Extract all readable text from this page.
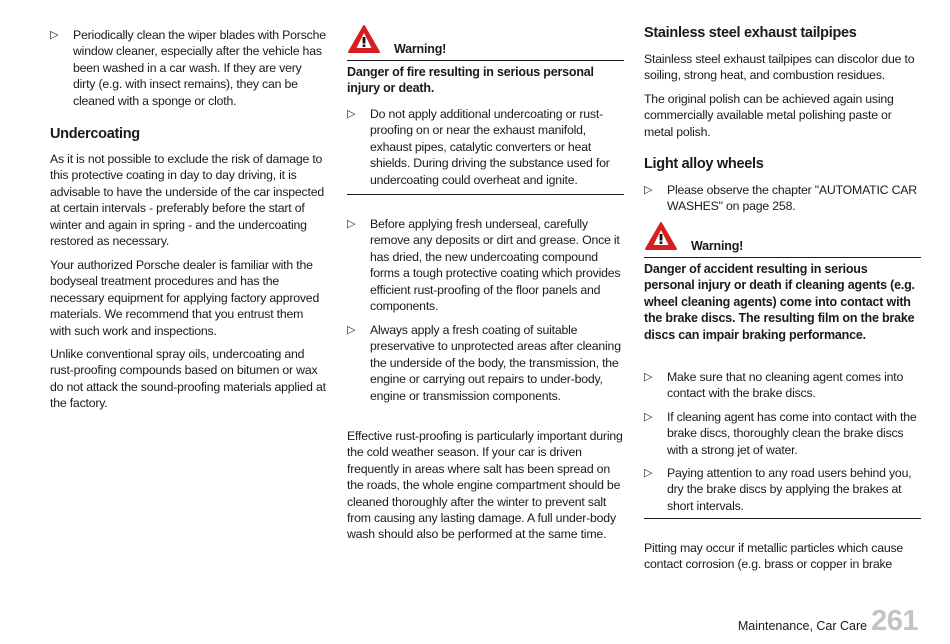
▷ Periodically clean the wiper blades with Porsche window cleaner, especially after the vehicle has been washed in a car wash. If they are very dirty (e.g. with insect remains), they can be cleaned with a sponge or cloth.

Undercoating

As it is not possible to exclude the risk of damage to this protective coating in day to day driving, it is advisable to have the underside of the car inspected at certain intervals - preferably before the start of winter and again in spring - and the undercoating restored as necessary.

Your authorized Porsche dealer is familiar with the bodyseal treatment procedures and has the necessary equipment for applying factory approved materials. We recommend that you entrust them with such work and inspections.

Unlike conventional spray oils, undercoating and rust-proofing compounds based on bitumen or wax do not attack the sound-proofing materials applied at the factory.

Warning!

Danger of fire resulting in serious personal injury or death.

▷ Do not apply additional undercoating or rust-proofing on or near the exhaust manifold, exhaust pipes, catalytic converters or heat shields. During driving the substance used for undercoating could overheat and ignite.

▷ Before applying fresh underseal, carefully remove any deposits or dirt and grease. Once it has dried, the new undercoating compound forms a tough protective coating which provides efficient rust-proofing of the floor panels and components.

▷ Always apply a fresh coating of suitable preservative to unprotected areas after cleaning the underside of the body, the transmission, the engine or carrying out repairs to under-body, engine or transmission components.

Effective rust-proofing is particularly important during the cold weather season. If your car is driven frequently in areas where salt has been spread on the roads, the whole engine compartment should be cleaned thoroughly after the winter to prevent salt from causing any lasting damage. A full under-body wash should also be performed at the same time.

Stainless steel exhaust tailpipes

Stainless steel exhaust tailpipes can discolor due to soiling, strong heat, and combustion residues.

The original polish can be achieved again using commercially available metal polishing paste or metal polish.

Light alloy wheels
▷ Please observe the chapter "AUTOMATIC CAR WASHES" on page 258.

Warning!

Danger of accident resulting in serious personal injury or death if cleaning agents (e.g. wheel cleaning agents) come into contact with the brake discs. The resulting film on the brake discs can impair braking performance.

▷ Make sure that no cleaning agent comes into contact with the brake discs.

▷ If cleaning agent has come into contact with the brake discs, thoroughly clean the brake discs with a strong jet of water.

▷ Paying attention to any road users behind you, dry the brake discs by applying the brakes at short intervals.

Pitting may occur if metallic particles which cause contact corrosion (e.g. brass or copper in brake

Maintenance, Car Care 261
